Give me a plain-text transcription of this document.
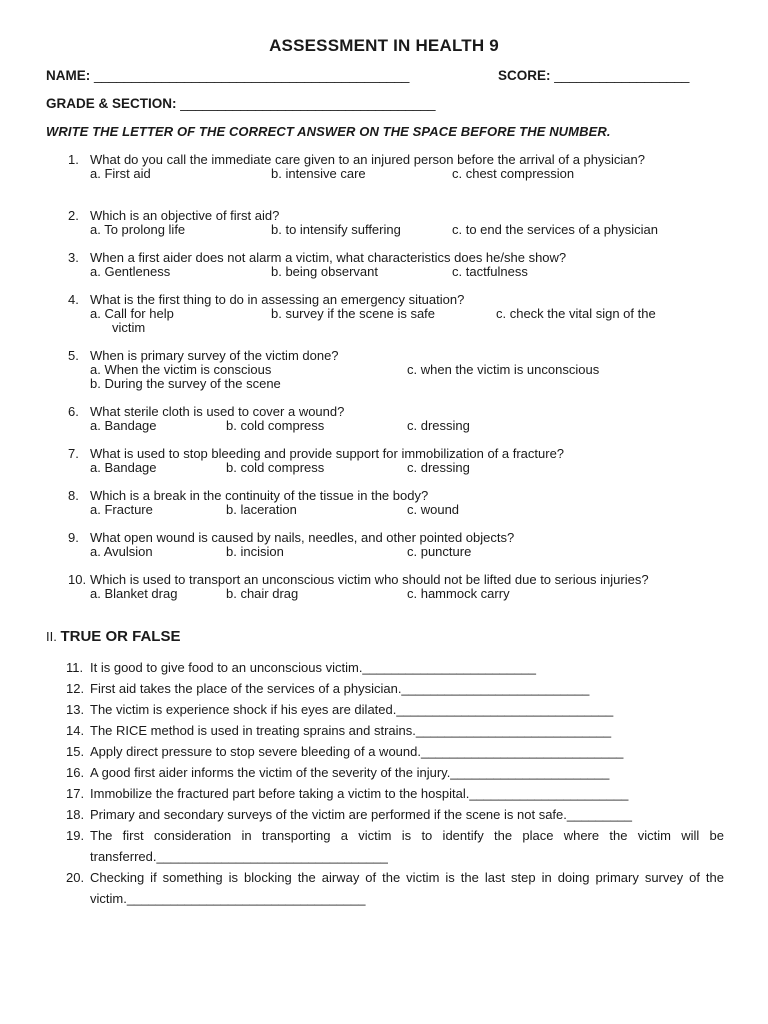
ASSESSMENT IN HEALTH 9
NAME: __________________________________________	SCORE: __________________
GRADE & SECTION: __________________________________
WRITE THE LETTER OF THE CORRECT ANSWER ON THE SPACE BEFORE THE NUMBER.
1. What do you call the immediate care given to an injured person before the arrival of a physician?
a. First aid	b. intensive care	c. chest compression
2. Which is an objective of first aid?
a. To prolong life	b. to intensify suffering	c. to end the services of a physician
3. When a first aider does not alarm a victim, what characteristics does he/she show?
a. Gentleness	b. being observant	c. tactfulness
4. What is the first thing to do in assessing an emergency situation?
a. Call for help	b. survey if the scene is safe	c. check the vital sign of the
victim
5. When is primary survey of the victim done?
a. When the victim is conscious	c. when the victim is unconscious
b. During the survey of the scene
6. What sterile cloth is used to cover a wound?
a. Bandage	b. cold compress	c. dressing
7. What is used to stop bleeding and provide support for immobilization of a fracture?
a. Bandage	b. cold compress	c. dressing
8. Which is a break in the continuity of the tissue in the body?
a. Fracture	b. laceration	c. wound
9. What open wound is caused by nails, needles, and other pointed objects?
a. Avulsion	b. incision	c. puncture
10. Which is used to transport an unconscious victim who should not be lifted due to serious injuries?
a. Blanket drag	b. chair drag	c. hammock carry
II. TRUE OR FALSE
11. It is good to give food to an unconscious victim.________________________
12. First aid takes the place of the services of a physician.__________________________
13. The victim is experience shock if his eyes are dilated.______________________________
14. The RICE method is used in treating sprains and strains.___________________________
15. Apply direct pressure to stop severe bleeding of a wound.____________________________
16. A good first aider informs the victim of the severity of the injury.______________________
17. Immobilize the fractured part before taking a victim to the hospital.______________________
18. Primary and secondary surveys of the victim are performed if the scene is not safe._________
19. The first consideration in transporting a victim is to identify the place where the victim will be transferred.________________________________
20. Checking if something is blocking the airway of the victim is the last step in doing primary survey of the victim._________________________________
